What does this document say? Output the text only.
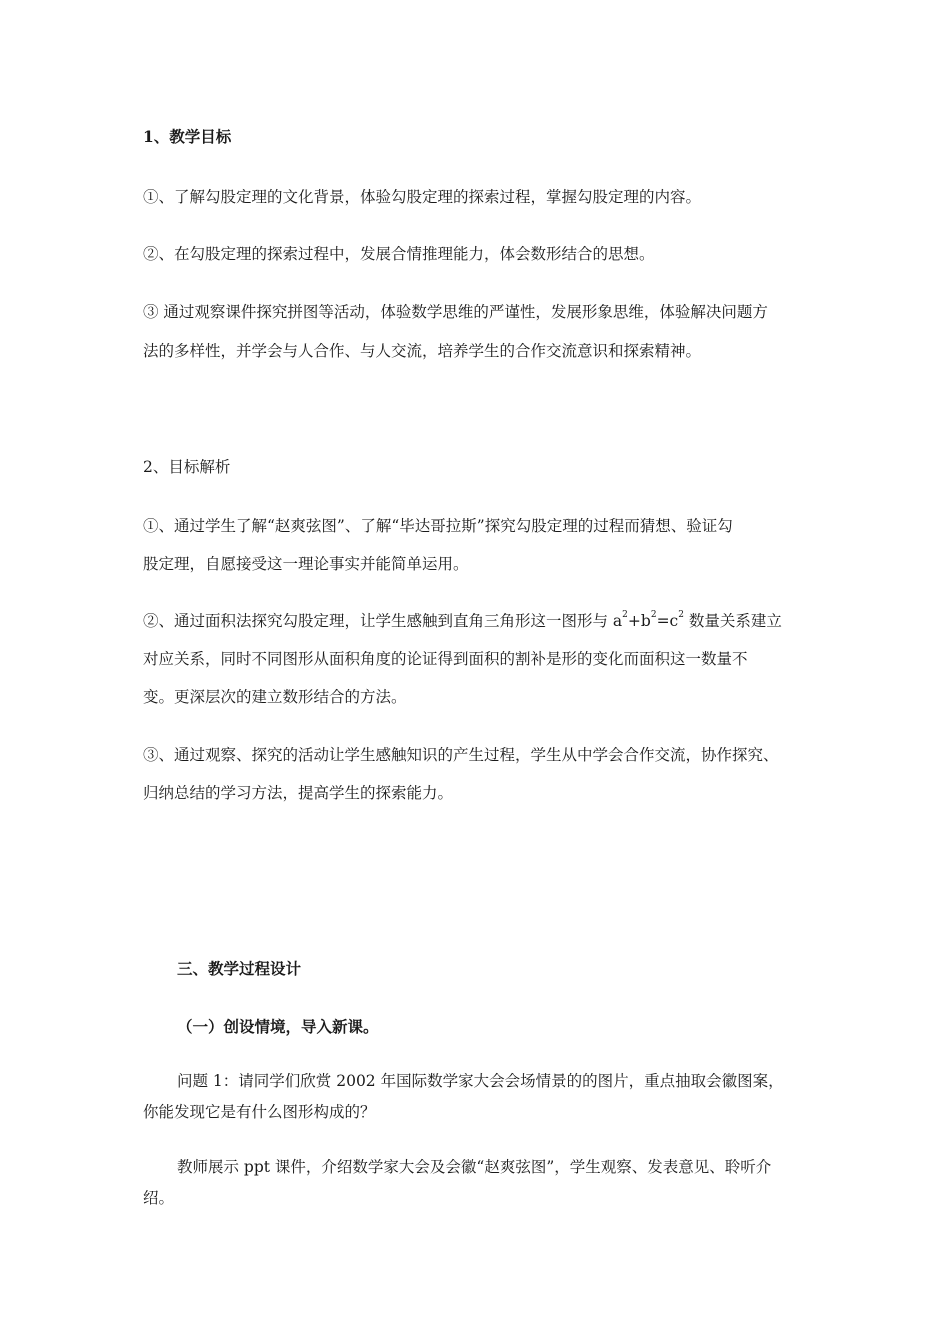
1、教学目标
①、了解勾股定理的文化背景，体验勾股定理的探索过程，掌握勾股定理的内容。
②、在勾股定理的探索过程中，发展合情推理能力，体会数形结合的思想。
③ 通过观察课件探究拼图等活动，体验数学思维的严谨性，发展形象思维，体验解决问题方
法的多样性，并学会与人合作、与人交流，培养学生的合作交流意识和探索精神。
2、目标解析
①、通过学生了解“赵爽弦图”、了解“毕达哥拉斯”探究勾股定理的过程而猜想、验证勾
股定理，自愿接受这一理论事实并能简单运用。
②、通过面积法探究勾股定理，让学生感触到直角三角形这一图形与 $a^2+b^2=c^2$ 数量关系建立
对应关系，同时不同图形从面积角度的论证得到面积的割补是形的变化而面积这一数量不
变。更深层次的建立数形结合的方法。
③、通过观察、探究的活动让学生感触知识的产生过程，学生从中学会合作交流，协作探究、
归纳总结的学习方法，提高学生的探索能力。
三、教学过程设计
（一）创设情境，导入新课。
问题 1：请同学们欣赏 2002 年国际数学家大会会场情景的的图片，重点抽取会徽图案，
你能发现它是有什么图形构成的？
教师展示 ppt 课件，介绍数学家大会及会徽“赵爽弦图”，学生观察、发表意见、聆听介
绍。
